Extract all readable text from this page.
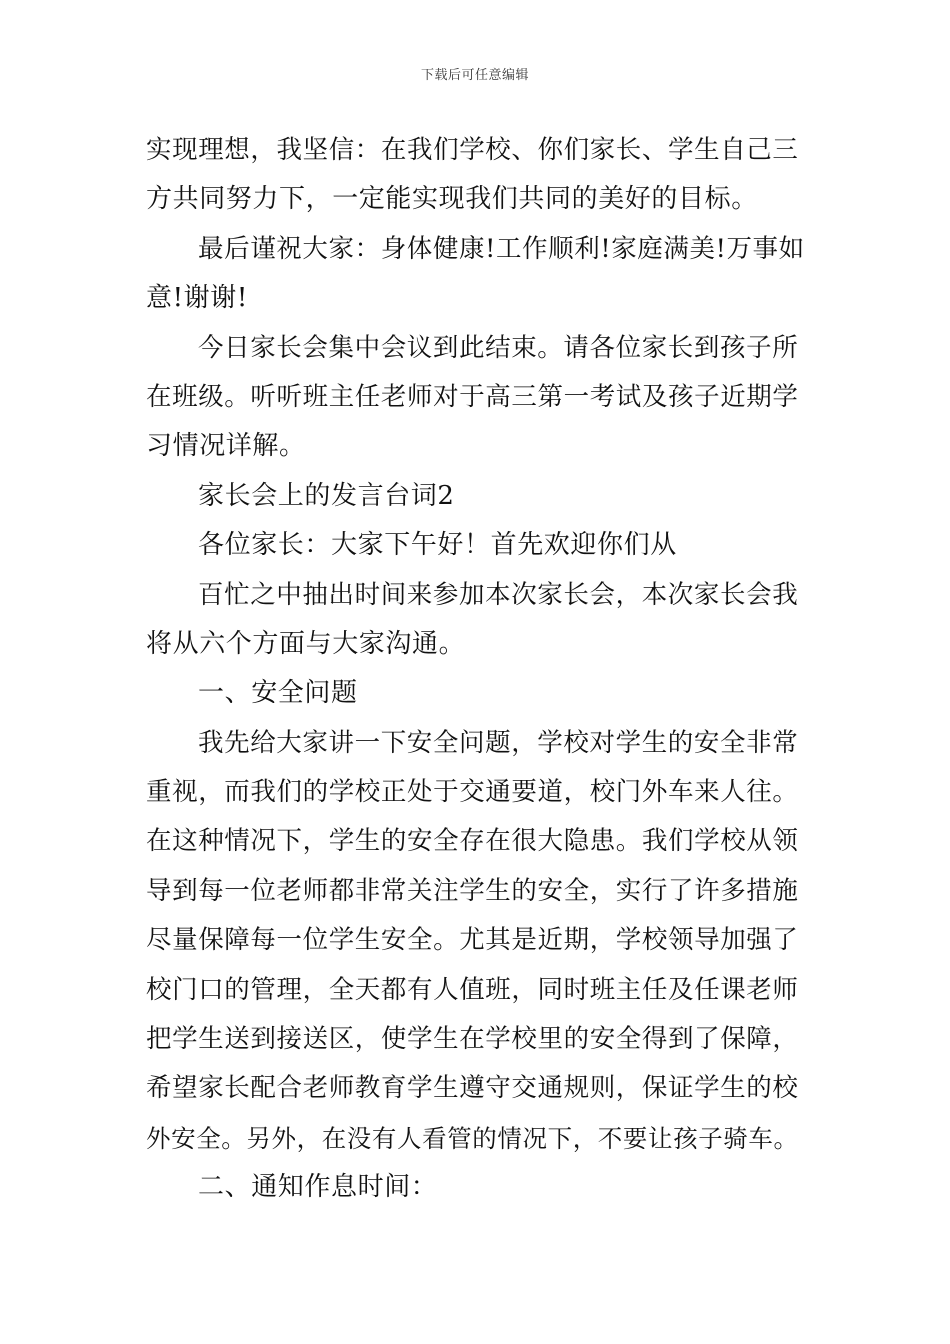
下载后可任意编辑
实现理想，我坚信：在我们学校、你们家长、学生自己三
方共同努力下，一定能实现我们共同的美好的目标。
最后谨祝大家：身体健康!工作顺利!家庭满美!万事如
意!谢谢!
今日家长会集中会议到此结束。请各位家长到孩子所
在班级。听听班主任老师对于高三第一考试及孩子近期学
习情况详解。
家长会上的发言台词2
各位家长：大家下午好！首先欢迎你们从
百忙之中抽出时间来参加本次家长会，本次家长会我
将从六个方面与大家沟通。
一、安全问题
我先给大家讲一下安全问题，学校对学生的安全非常
重视，而我们的学校正处于交通要道，校门外车来人往。
在这种情况下，学生的安全存在很大隐患。我们学校从领
导到每一位老师都非常关注学生的安全，实行了许多措施
尽量保障每一位学生安全。尤其是近期，学校领导加强了
校门口的管理，全天都有人值班，同时班主任及任课老师
把学生送到接送区，使学生在学校里的安全得到了保障，
希望家长配合老师教育学生遵守交通规则，保证学生的校
外安全。另外，在没有人看管的情况下，不要让孩子骑车。
二、通知作息时间：
